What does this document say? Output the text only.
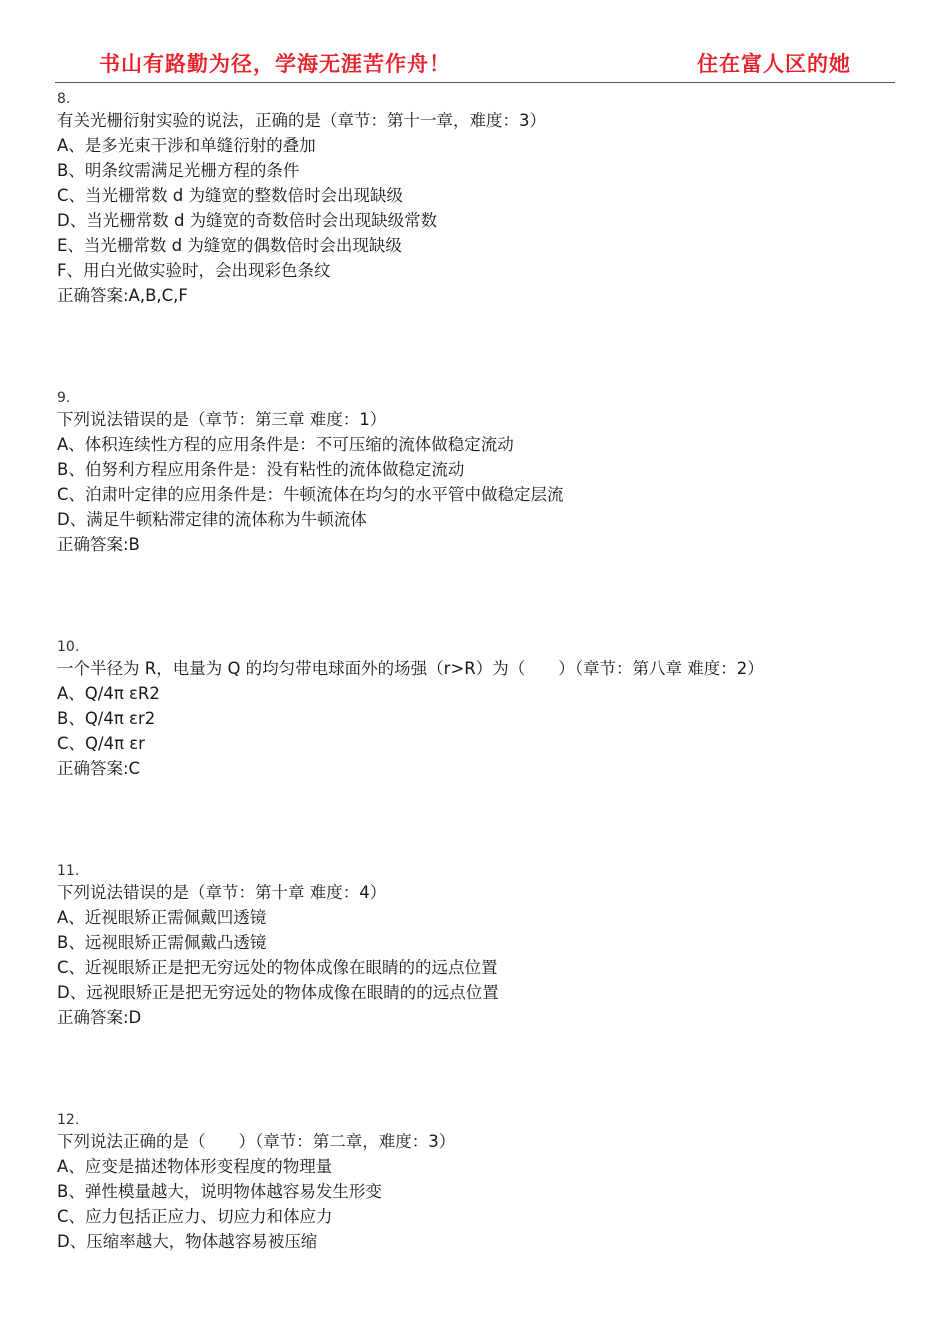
书山有路勤为径，学海无涯苦作舟！	住在富人区的她
8.
有关光栅衍射实验的说法，正确的是（章节：第十一章，难度：3）
A、是多光束干涉和单缝衍射的叠加
B、明条纹需满足光栅方程的条件
C、当光栅常数 d 为缝宽的整数倍时会出现缺级
D、当光栅常数 d 为缝宽的奇数倍时会出现缺级常数
E、当光栅常数 d 为缝宽的偶数倍时会出现缺级
F、用白光做实验时，会出现彩色条纹
正确答案:A,B,C,F
9.
下列说法错误的是（章节：第三章 难度：1）
A、体积连续性方程的应用条件是：不可压缩的流体做稳定流动
B、伯努利方程应用条件是：没有粘性的流体做稳定流动
C、泊肃叶定律的应用条件是：牛顿流体在均匀的水平管中做稳定层流
D、满足牛顿粘滞定律的流体称为牛顿流体
正确答案:B
10.
一个半径为 R，电量为 Q 的均匀带电球面外的场强（r>R）为（　　）（章节：第八章 难度：2）
A、Q/4π εR2
B、Q/4π εr2
C、Q/4π εr
正确答案:C
11.
下列说法错误的是（章节：第十章 难度：4）
A、近视眼矫正需佩戴凹透镜
B、远视眼矫正需佩戴凸透镜
C、近视眼矫正是把无穷远处的物体成像在眼睛的的远点位置
D、远视眼矫正是把无穷远处的物体成像在眼睛的的远点位置
正确答案:D
12.
下列说法正确的是（　　）（章节：第二章，难度：3）
A、应变是描述物体形变程度的物理量
B、弹性模量越大，说明物体越容易发生形变
C、应力包括正应力、切应力和体应力
D、压缩率越大，物体越容易被压缩
